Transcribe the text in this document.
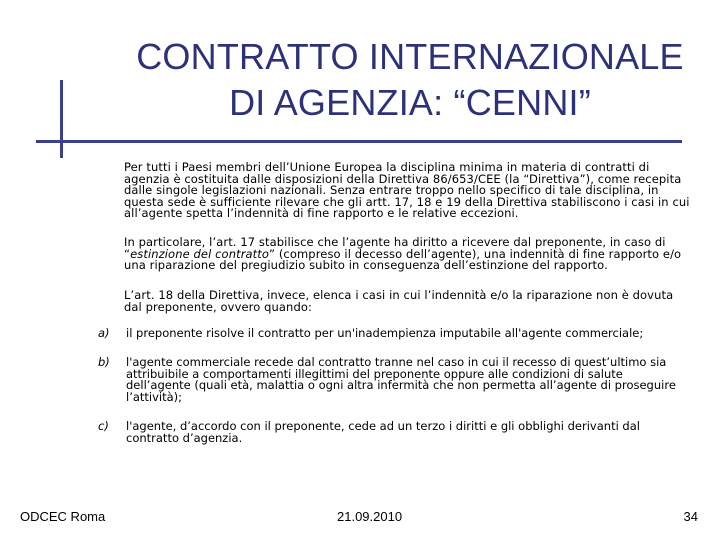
CONTRATTO INTERNAZIONALE
DI AGENZIA: “CENNI”
Per tutti i Paesi membri dell’Unione Europea la disciplina minima in materia di contratti di agenzia è costituita dalle disposizioni della Direttiva 86/653/CEE (la “Direttiva”), come recepita dalle singole legislazioni nazionali. Senza entrare troppo nello specifico di tale disciplina, in questa sede è sufficiente rilevare che gli artt. 17, 18 e 19 della Direttiva stabiliscono i casi in cui all’agente spetta l’indennità di fine rapporto e le relative eccezioni.
In particolare, l’art. 17 stabilisce che l’agente ha diritto a ricevere dal preponente, in caso di “estinzione del contratto” (compreso il decesso dell’agente), una indennità di fine rapporto e/o una riparazione del pregiudizio subito in conseguenza dell’estinzione del rapporto.
L’art. 18 della Direttiva, invece, elenca i casi in cui l’indennità e/o la riparazione non è dovuta dal preponente, ovvero quando:
a) il preponente risolve il contratto per un'inadempienza imputabile all'agente commerciale;
b) l'agente commerciale recede dal contratto tranne nel caso in cui il recesso di quest’ultimo sia attribuibile a comportamenti illegittimi del preponente oppure alle condizioni di salute dell’agente (quali età, malattia o ogni altra infermità che non permetta all’agente di proseguire l’attività);
c) l'agente, d’accordo con il preponente, cede ad un terzo i diritti e gli obblighi derivanti dal contratto d’agenzia.
ODCEC Roma	21.09.2010	34
